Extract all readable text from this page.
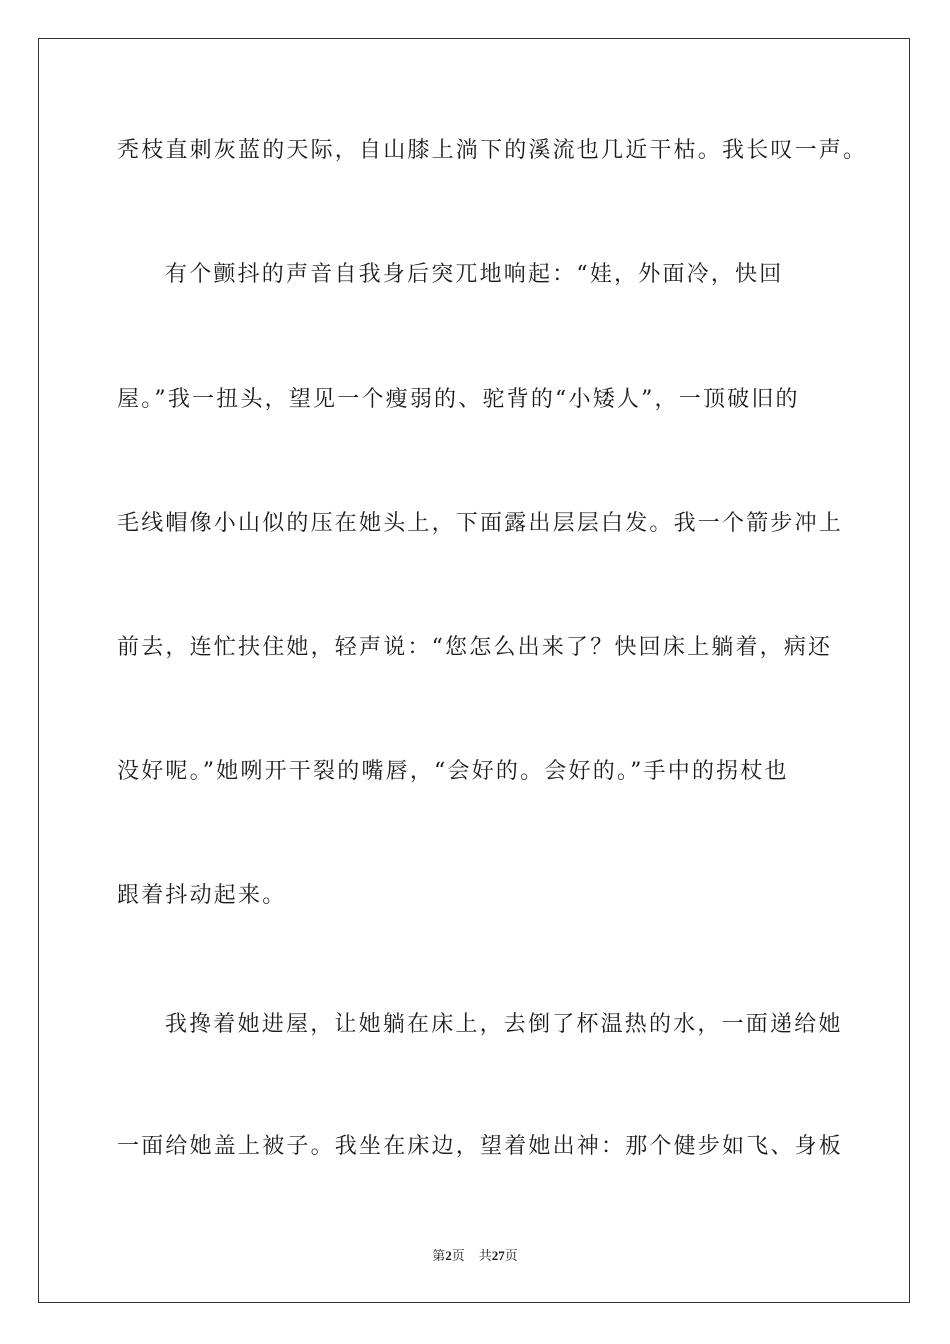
秃枝直刺灰蓝的天际，自山膝上淌下的溪流也几近干枯。我长叹一声。
有个颤抖的声音自我身后突兀地响起：“娃，外面冷，快回
屋。”我一扭头，望见一个瘦弱的、驼背的“小矮人”，一顶破旧的
毛线帽像小山似的压在她头上，下面露出层层白发。我一个箭步冲上
前去，连忙扶住她，轻声说：“您怎么出来了？快回床上躺着，病还
没好呢。”她咧开干裂的嘴唇，“会好的。会好的。”手中的拐杖也
跟着抖动起来。
我搀着她进屋，让她躺在床上，去倒了杯温热的水，一面递给她
一面给她盖上被子。我坐在床边，望着她出神：那个健步如飞、身板
第2页 共27页
